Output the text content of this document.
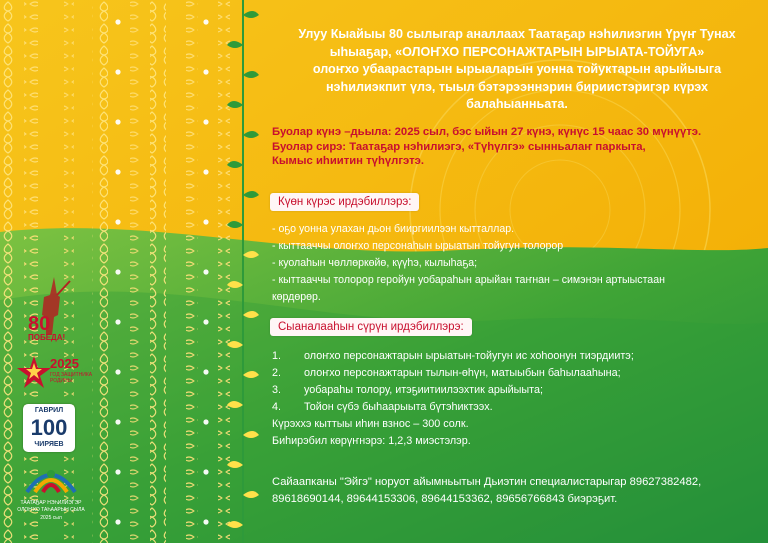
80
ПОБЕДА!
2025
ГОД ЗАЩИТНИКА
РОДИНЫ
ГАВРИЛ
100
ЧИРЯЕВ
ТААТАҔАР НЭҺИЛИЭГЭР
ОЛОҤХО ТАҺААРЫН СЫЛА
2025 сыл
Улуу Кыайыы 80 сылыгар аналлаах Таатаҕар нэһилиэгин Үрүҥ Тунах
ыһыаҕар, «ОЛОҤХО ПЕРСОНАЖТАРЫН ЫРЫАТА-ТОЙУГА»
олоҥхо убаарастарын ырыаларын уонна тойуктарын арыйыыга
нэһилиэкпит үлэ, тыыл бэтэрээннэрин бириистэригэр күрэх
балаһыанньата.
Буолар күнэ –дьыла: 2025 сыл, бэс ыйын 27 күнэ, күнүс 15 чаас 30 мүнүүтэ.
Буолар сирэ: Таатаҕар нэһилиэгэ, «Түһүлгэ» сынньалаҥ паркыта,
Кымыс иһиитин түһүлгэтэ.
Күөн күрэс ирдэбиллэрэ:
- оҕо уонна улахан дьон бииргиилээн кытталлар.
- кыттааччы олоҥхо персонаһын ырыатын тойугун толорор
- куолаһын чөллөркөйө, күүһэ, кылыһаҕа;
- кыттааччы толорор геройун уобараһын арыйан таҥнан – симэнэн артыыстаан
көрдөрөр.
Сыаналааһын сүрүн ирдэбиллэрэ:
1. олоҥхо персонажтарын ырыатын-тойугун ис хоһоонун тиэрдиитэ;
2. олоҥхо персонажтарын тылын-өһүн, матыыбын баһылааһына;
3. уобараһы толору, итэҕиитиилээхтик арыйыыта;
4. Тойон сүбэ быһаарыыта бүтэһиктээх.
Күрэххэ кыттыы иһин взнос – 300 солк.
Биһирэбил көрүҥнэрэ: 1,2,3 миэстэлэр.
Сайаапканы "Эйгэ" норуот айымньытын Дьиэтин специалистарыгар 89627382482,
89618690144, 89644153306, 89644153362, 89656766843 биэрэҕит.
